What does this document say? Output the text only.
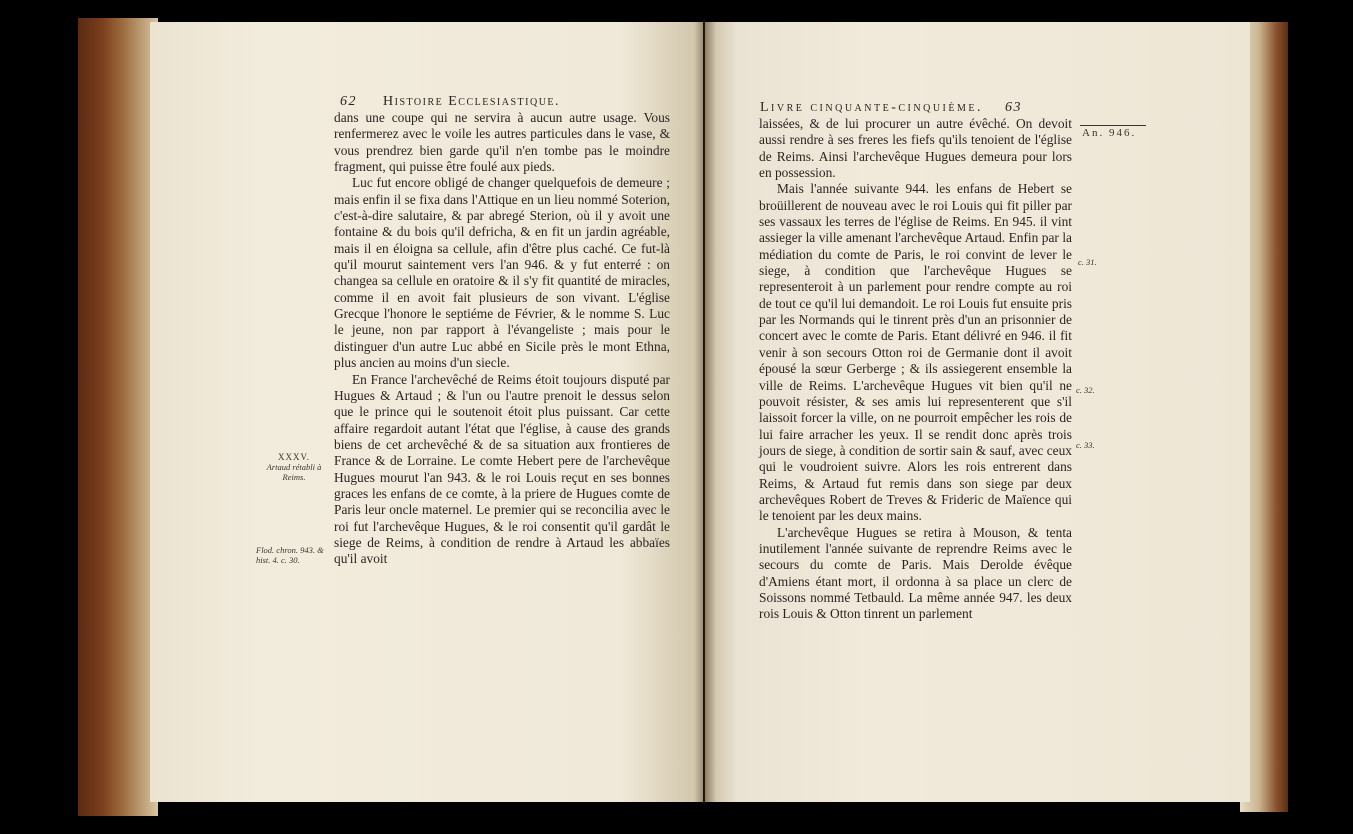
62 Histoire Ecclesiastique.

dans une coupe qui ne servira à aucun autre usage. Vous renfermerez avec le voile les autres particules dans le vase, & vous prendrez bien garde qu'il n'en tombe pas le moindre fragment, qui puisse être foulé aux pieds.

Luc fut encore obligé de changer quelquefois de demeure ; mais enfin il se fixa dans l'Attique en un lieu nommé Soterion, c'est-à-dire salutaire, & par abregé Sterion, où il y avoit une fontaine & du bois qu'il defricha, & en fit un jardin agréable, mais il en éloigna sa cellule, afin d'être plus caché. Ce fut-là qu'il mourut saintement vers l'an 946. & y fut enterré : on changea sa cellule en oratoire & il s'y fit quantité de miracles, comme il en avoit fait plusieurs de son vivant. L'église Grecque l'honore le septiéme de Février, & le nomme S. Luc le jeune, non par rapport à l'évangeliste ; mais pour le distinguer d'un autre Luc abbé en Sicile près le mont Ethna, plus ancien au moins d'un siecle.

En France l'archevêché de Reims étoit toujours disputé par Hugues & Artaud ; & l'un ou l'autre prenoit le dessus selon que le prince qui le soutenoit étoit plus puissant. Car cette affaire regardoit autant l'état que l'église, à cause des grands biens de cet archevêché & de sa situation aux frontieres de France & de Lorraine. Le comte Hebert pere de l'archevêque Hugues mourut l'an 943. & le roi Louis reçut en ses bonnes graces les enfans de ce comte, à la priere de Hugues comte de Paris leur oncle maternel. Le premier qui se reconcilia avec le roi fut l'archevêque Hugues, & le roi consentit qu'il gardât le siege de Reims, à condition de rendre à Artaud les abbaïes qu'il avoit

XXXV.
Artaud rétabli à Reims.
Flod. chron. 943. & hist. 4. c. 30.
Livre cinquante-cinquième. 63

laissées, & de lui procurer un autre évêché. On devoit aussi rendre à ses freres les fiefs qu'ils tenoient de l'église de Reims. Ainsi l'archevêque Hugues demeura pour lors en possession.

Mais l'année suivante 944. les enfans de Hebert se broüillerent de nouveau avec le roi Louis qui fit piller par ses vassaux les terres de l'église de Reims. En 945. il vint assieger la ville amenant l'archevêque Artaud. Enfin par la médiation du comte de Paris, le roi convint de lever le siege, à condition que l'archevêque Hugues se representeroit à un parlement pour rendre compte au roi de tout ce qu'il lui demandoit. Le roi Louis fut ensuite pris par les Normands qui le tinrent près d'un an prisonnier de concert avec le comte de Paris. Etant délivré en 946. il fit venir à son secours Otton roi de Germanie dont il avoit épousé la sœur Gerberge ; & ils assiegerent ensemble la ville de Reims. L'archevêque Hugues vit bien qu'il ne pouvoit résister, & ses amis lui representerent que s'il laissoit forcer la ville, on ne pourroit empêcher les rois de lui faire arracher les yeux. Il se rendit donc après trois jours de siege, à condition de sortir sain & sauf, avec ceux qui le voudroient suivre. Alors les rois entrerent dans Reims, & Artaud fut remis dans son siege par deux archevêques Robert de Treves & Frideric de Maïence qui le tenoient par les deux mains.

L'archevêque Hugues se retira à Mouson, & tenta inutilement l'année suivante de reprendre Reims avec le secours du comte de Paris. Mais Derolde évêque d'Amiens étant mort, il ordonna à sa place un clerc de Soissons nommé Tetbauld. La même année 947. les deux rois Louis & Otton tinrent un parlement

An. 946.
c. 31.
c. 32.
c. 33.
